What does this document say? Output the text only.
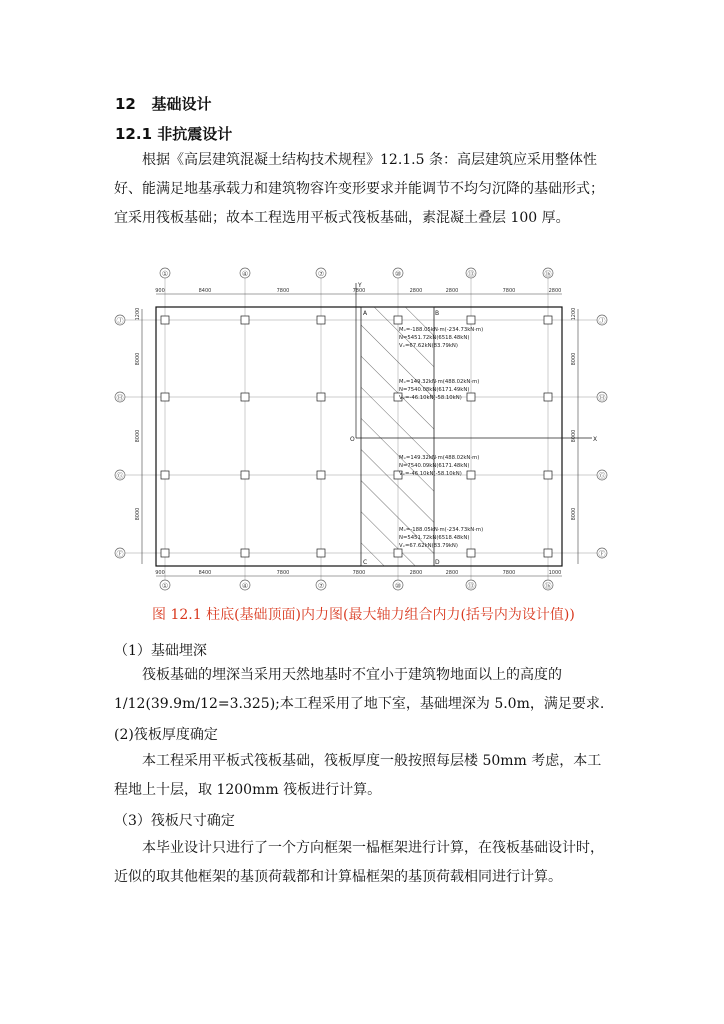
12 基础设计
12.1 非抗震设计

根据《高层建筑混凝土结构技术规程》12.1.5 条：高层建筑应采用整体性好、能满足地基承载力和建筑物容许变形要求并能调节不均匀沉降的基础形式；宜采用筏板基础；故本工程选用平板式筏板基础，素混凝土叠层 100 厚。

①	④	⑦	⑩	⑬	⑯
①	④	⑦	⑩	⑬	⑯
Ⓙ
Ⓗ
Ⓖ
Ⓕ
Ⓙ
Ⓗ
Ⓖ
Ⓕ
900	8400	7800	7800	2800	2800	7800	2800
900	8400	7800	7800	2800	2800	7800	1000
1200
8000
8000
8000
1200
8000
8000
8000
X
Y
O
A	B
C	D
Mₓ=-188.05kN·m(-234.73kN·m)
N=5451.72kN(6518.48kN)
Vₓ=67.62kN(83.79kN)
Mₓ=149.32kN·m(488.02kN·m)
N=7540.08kN(6171.49kN)
Vₓ=-46.10kN(-58.10kN)
Mₓ=149.32kN·m(488.02kN·m)
N=7540.09kN(6171.48kN)
Vₓ=-46.10kN(-58.10kN)
Mₓ=-188.05kN·m(-234.73kN·m)
N=5451.72kN(6518.48kN)
Vₓ=67.62kN(83.79kN)
图 12.1 柱底(基础顶面)内力图(最大轴力组合内力(括号内为设计值))
（1）基础埋深

筏板基础的埋深当采用天然地基时不宜小于建筑物地面以上的高度的 1/12(39.9m/12=3.325);本工程采用了地下室，基础埋深为 5.0m，满足要求.

(2)筏板厚度确定

本工程采用平板式筏板基础，筏板厚度一般按照每层楼 50mm 考虑，本工程地上十层，取 1200mm 筏板进行计算。

（3）筏板尺寸确定

本毕业设计只进行了一个方向框架一榀框架进行计算，在筏板基础设计时，近似的取其他框架的基顶荷载都和计算榀框架的基顶荷载相同进行计算。
